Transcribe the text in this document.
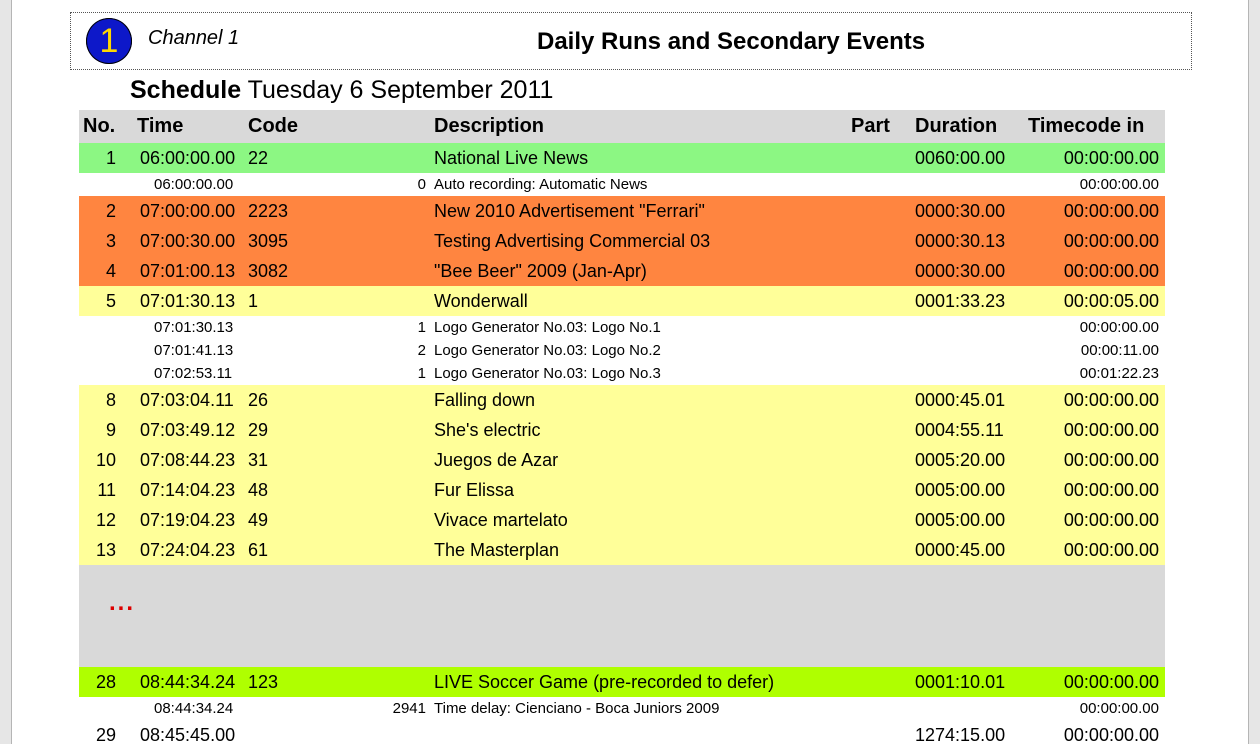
1	Channel 1	Daily Runs and Secondary Events
Schedule Tuesday 6 September 2011
No. Time	Code	Description	Part Duration Timecode in
1 06:00:00.00 22	National Live News	0060:00.00	00:00:00.00
06:00:00.00	0 Auto recording: Automatic News	00:00:00.00
2 07:00:00.00 2223	New 2010 Advertisement "Ferrari"	0000:30.00	00:00:00.00
3 07:00:30.00 3095	Testing Advertising Commercial 03	0000:30.13	00:00:00.00
4 07:01:00.13 3082	"Bee Beer" 2009 (Jan-Apr)	0000:30.00	00:00:00.00
5 07:01:30.13 1	Wonderwall	0001:33.23	00:00:05.00
07:01:30.13	1 Logo Generator No.03: Logo No.1	00:00:00.00
07:01:41.13	2 Logo Generator No.03: Logo No.2	00:00:11.00
07:02:53.11	1 Logo Generator No.03: Logo No.3	00:01:22.23
8 07:03:04.11 26	Falling down	0000:45.01	00:00:00.00
9 07:03:49.12 29	She's electric	0004:55.11	00:00:00.00
10 07:08:44.23 31	Juegos de Azar	0005:20.00	00:00:00.00
11 07:14:04.23 48	Fur Elissa	0005:00.00	00:00:00.00
12 07:19:04.23 49	Vivace martelato	0005:00.00	00:00:00.00
13 07:24:04.23 61	The Masterplan	0000:45.00	00:00:00.00
...
28 08:44:34.24 123	LIVE Soccer Game (pre-recorded to defer)	0001:10.01	00:00:00.00
08:44:34.24	2941 Time delay: Cienciano - Boca Juniors 2009	00:00:00.00
29 08:45:45.00	1274:15.00	00:00:00.00
